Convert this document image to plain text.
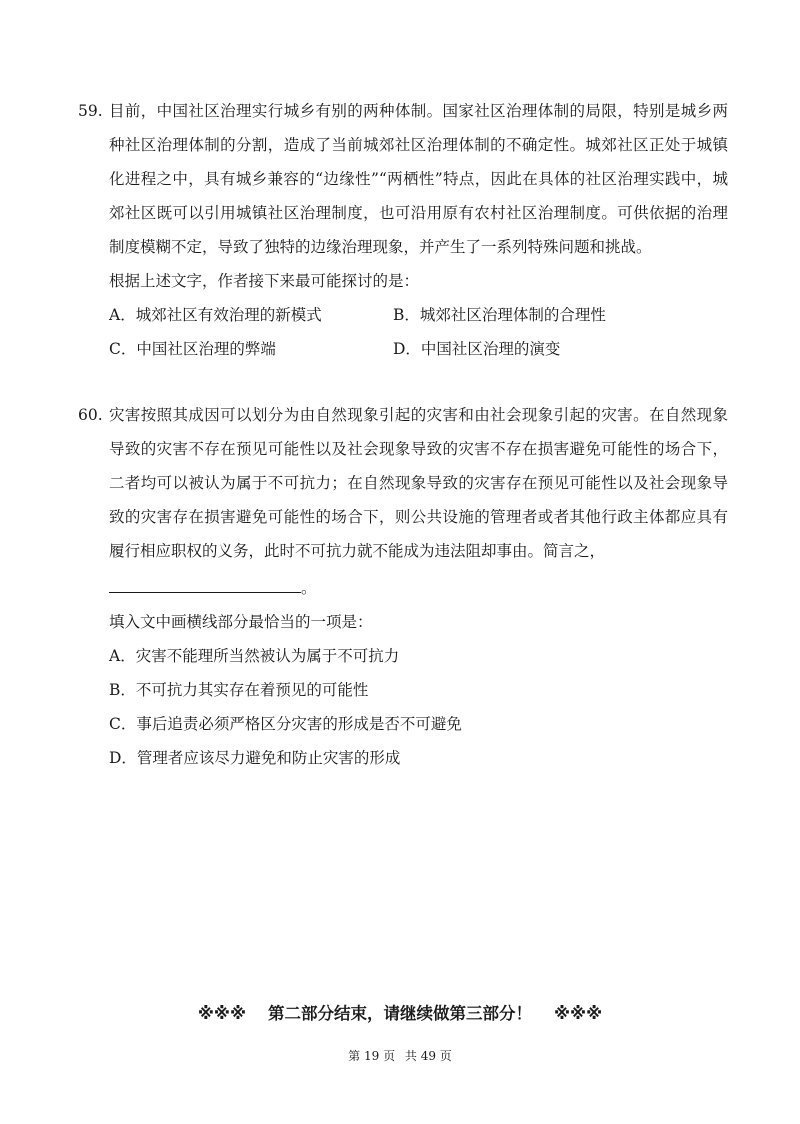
59. 目前，中国社区治理实行城乡有别的两种体制。国家社区治理体制的局限，特别是城乡两种社区治理体制的分割，造成了当前城郊社区治理体制的不确定性。城郊社区正处于城镇化进程之中，具有城乡兼容的“边缘性”“两栖性”特点，因此在具体的社区治理实践中，城郊社区既可以引用城镇社区治理制度，也可沿用原有农村社区治理制度。可供依据的治理制度模糊不定，导致了独特的边缘治理现象，并产生了一系列特殊问题和挑战。

根据上述文字，作者接下来最可能探讨的是：

A．城郊社区有效治理的新模式	B．城郊社区治理体制的合理性
C．中国社区治理的弊端	D．中国社区治理的演变
60. 灾害按照其成因可以划分为由自然现象引起的灾害和由社会现象引起的灾害。在自然现象导致的灾害不存在预见可能性以及社会现象导致的灾害不存在损害避免可能性的场合下，二者均可以被认为属于不可抗力；在自然现象导致的灾害存在预见可能性以及社会现象导致的灾害存在损害避免可能性的场合下，则公共设施的管理者或者其他行政主体都应具有履行相应职权的义务，此时不可抗力就不能成为违法阻却事由。简言之，
。

填入文中画横线部分最恰当的一项是：

A．灾害不能理所当然被认为属于不可抗力
B．不可抗力其实存在着预见的可能性
C．事后追责必须严格区分灾害的形成是否不可避免
D．管理者应该尽力避免和防止灾害的形成
※※※ 第二部分结束，请继续做第三部分！ ※※※
第 19 页 共 49 页
